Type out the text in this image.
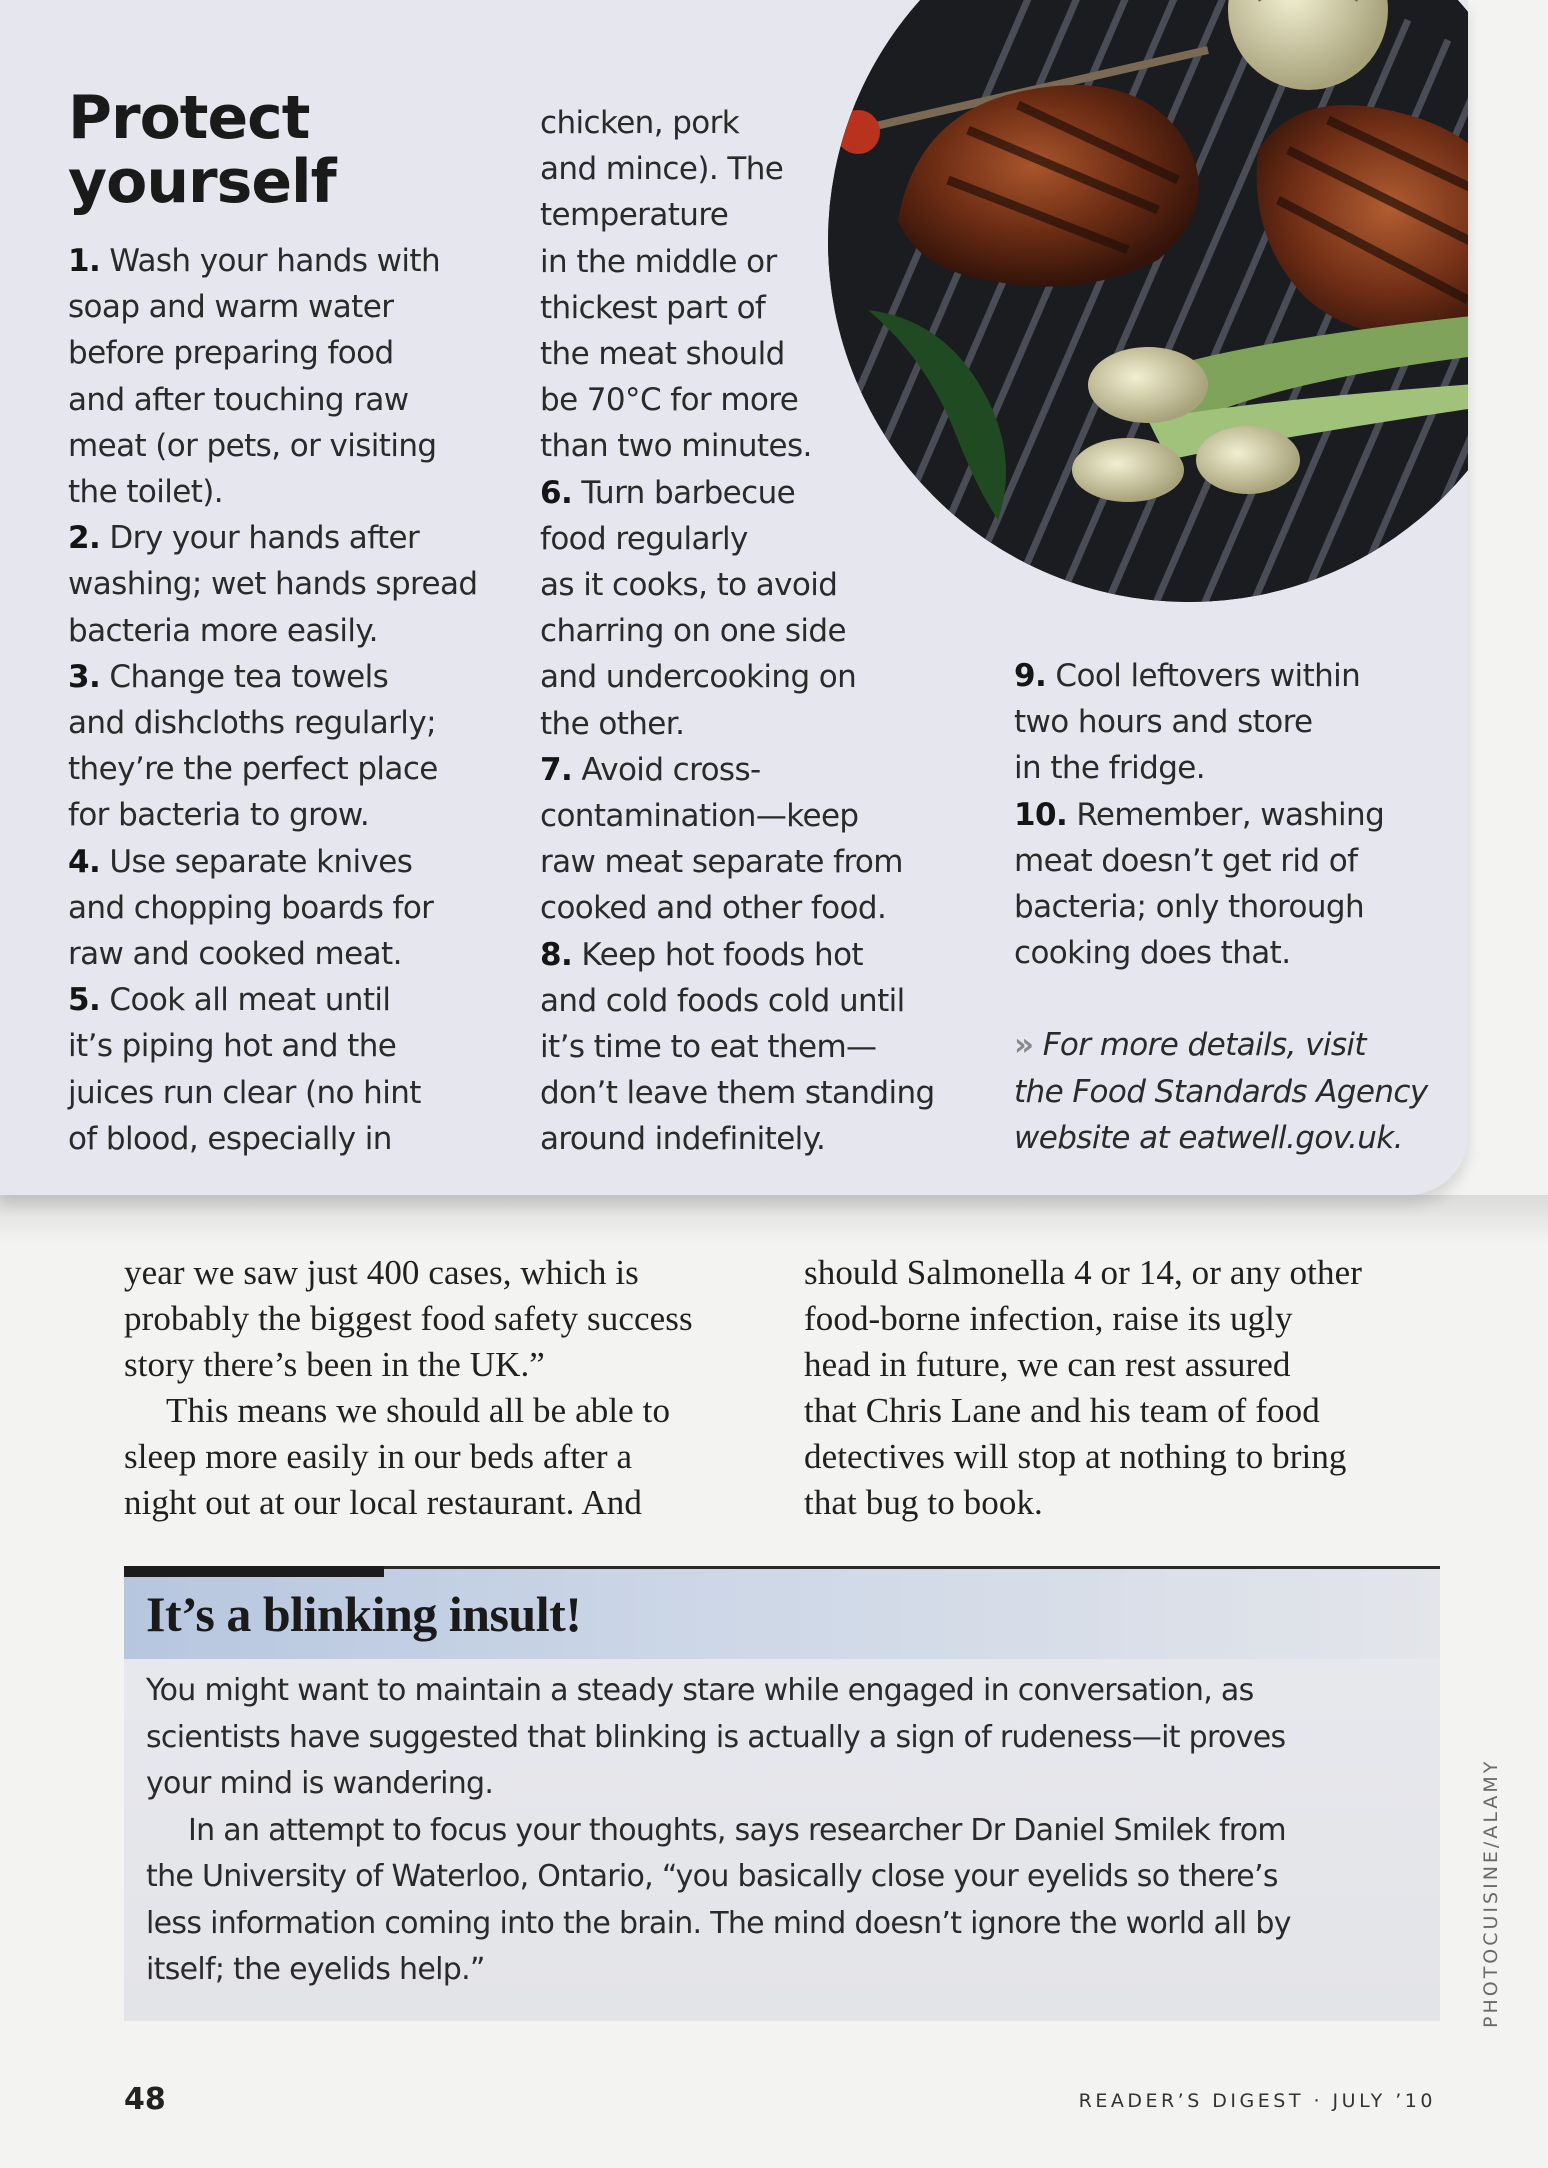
Protect
yourself

1. Wash your hands with
soap and warm water
before preparing food
and after touching raw
meat (or pets, or visiting
the toilet).

2. Dry your hands after
washing; wet hands spread
bacteria more easily.

3. Change tea towels
and dishcloths regularly;
they’re the perfect place
for bacteria to grow.

4. Use separate knives
and chopping boards for
raw and cooked meat.

5. Cook all meat until
it’s piping hot and the
juices run clear (no hint
of blood, especially in

chicken, pork
and mince). The
temperature
in the middle or
thickest part of
the meat should
be 70°C for more
than two minutes.

6. Turn barbecue
food regularly
as it cooks, to avoid
charring on one side
and undercooking on
the other.

7. Avoid cross-
contamination—keep
raw meat separate from
cooked and other food.

8. Keep hot foods hot
and cold foods cold until
it’s time to eat them—
don’t leave them standing
around indefinitely.

9. Cool leftovers within
two hours and store
in the fridge.

10. Remember, washing
meat doesn’t get rid of
bacteria; only thorough
cooking does that.

» For more details, visit
the Food Standards Agency
website at eatwell.gov.uk.

year we saw just 400 cases, which is
probably the biggest food safety success
story there’s been in the UK.”

This means we should all be able to
sleep more easily in our beds after a
night out at our local restaurant. And

should Salmonella 4 or 14, or any other
food-borne infection, raise its ugly
head in future, we can rest assured
that Chris Lane and his team of food
detectives will stop at nothing to bring
that bug to book.

It’s a blinking insult!

You might want to maintain a steady stare while engaged in conversation, as
scientists have suggested that blinking is actually a sign of rudeness—it proves
your mind is wandering.

In an attempt to focus your thoughts, says researcher Dr Daniel Smilek from
the University of Waterloo, Ontario, “you basically close your eyelids so there’s
less information coming into the brain. The mind doesn’t ignore the world all by
itself; the eyelids help.”	PHOTOCUISINE/ALAMY
48	READER’S DIGEST · JULY ’10
